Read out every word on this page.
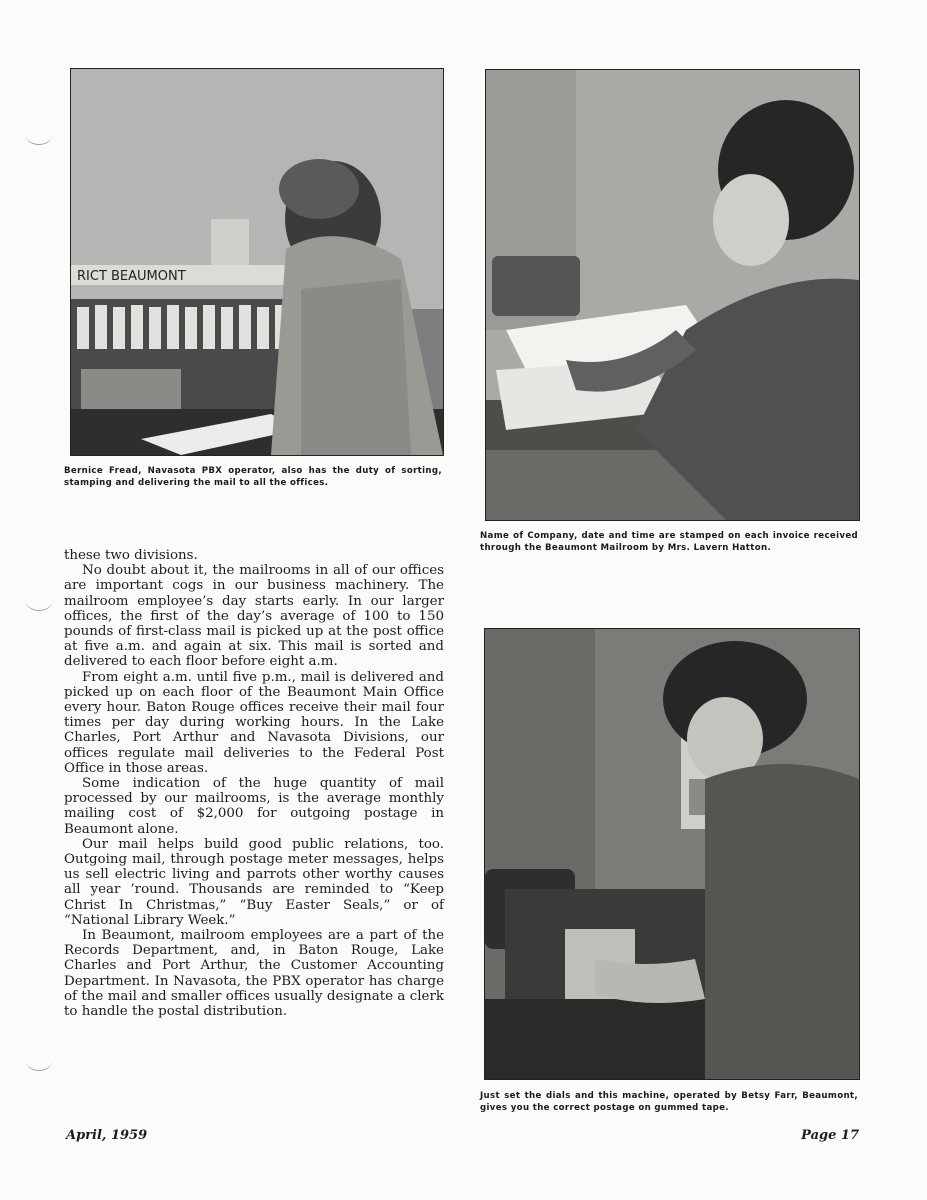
RICT BEAUMONT

Bernice Fread, Navasota PBX operator, also has the duty of sorting, stamping and delivering the mail to all the offices.

Name of Company, date and time are stamped on each invoice received through the Beaumont Mailroom by Mrs. Lavern Hatton.

Just set the dials and this machine, operated by Betsy Farr, Beaumont, gives you the correct postage on gummed tape.

these two divisions.

No doubt about it, the mailrooms in all of our offices are important cogs in our business machinery. The mailroom employee’s day starts early. In our larger offices, the first of the day’s average of 100 to 150 pounds of first-class mail is picked up at the post office at five a.m. and again at six. This mail is sorted and delivered to each floor before eight a.m.

From eight a.m. until five p.m., mail is delivered and picked up on each floor of the Beaumont Main Office every hour. Baton Rouge offices receive their mail four times per day during working hours. In the Lake Charles, Port Arthur and Navasota Divisions, our offices regulate mail deliveries to the Federal Post Office in those areas.

Some indication of the huge quantity of mail processed by our mailrooms, is the average monthly mailing cost of $2,000 for outgoing postage in Beaumont alone.

Our mail helps build good public relations, too. Outgoing mail, through postage meter messages, helps us sell electric living and parrots other worthy causes all year ’round. Thousands are reminded to “Keep Christ In Christmas,” “Buy Easter Seals,” or of “National Library Week.”

In Beaumont, mailroom employees are a part of the Records Department, and, in Baton Rouge, Lake Charles and Port Arthur, the Customer Accounting Department. In Navasota, the PBX operator has charge of the mail and smaller offices usually designate a clerk to handle the postal distribution.

April, 1959	Page 17
